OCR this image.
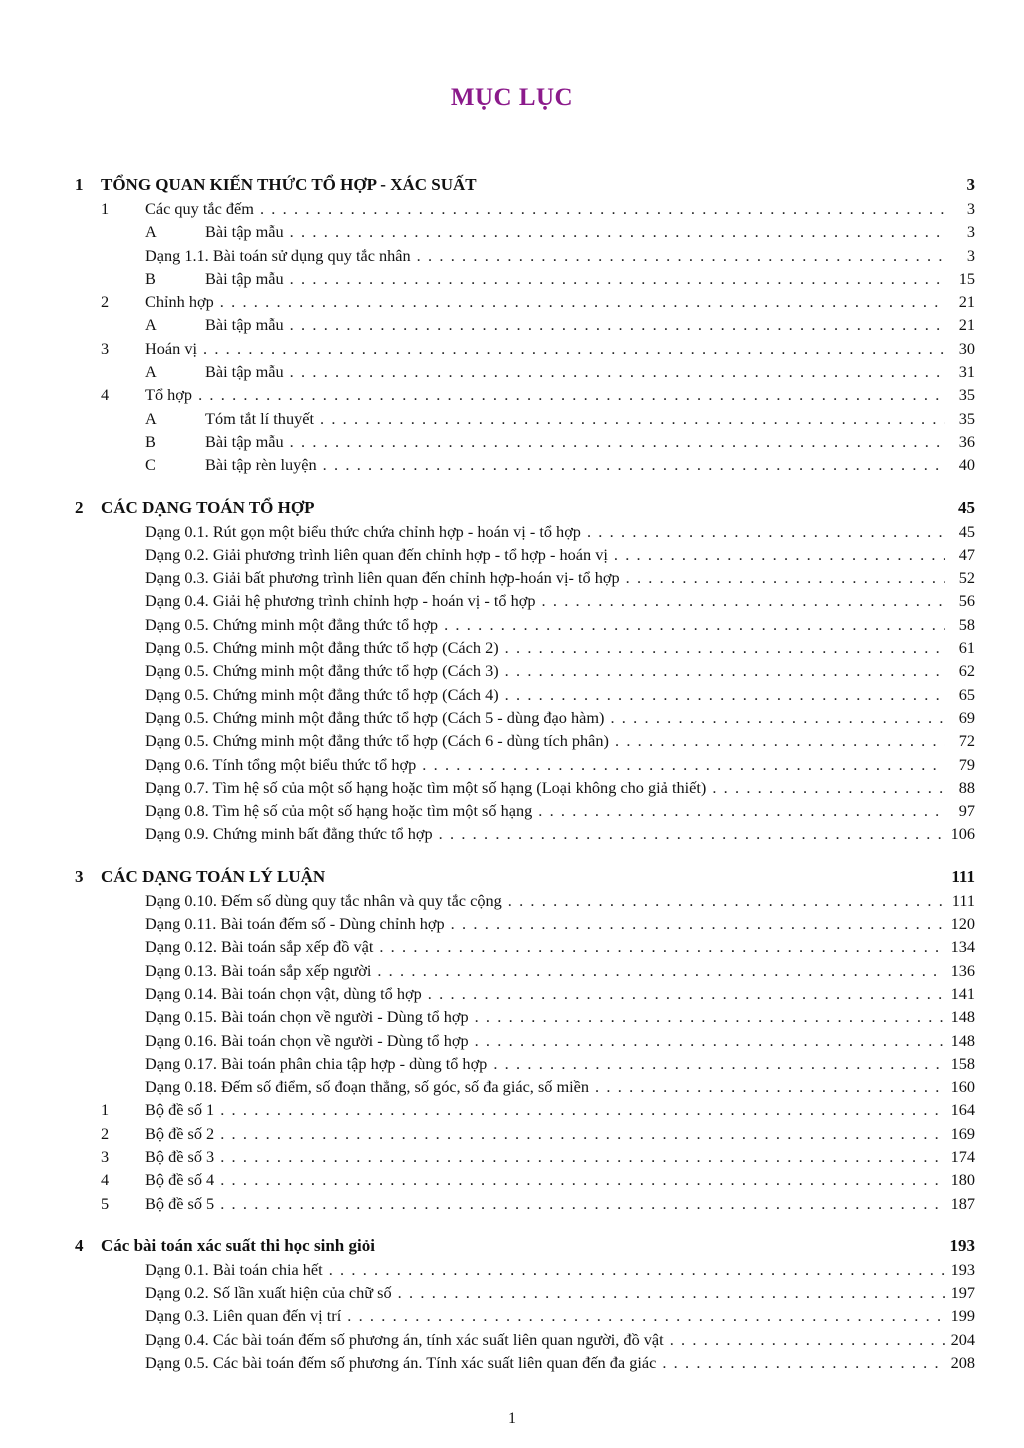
MỤC LỤC
1	TỔNG QUAN KIẾN THỨC TỔ HỢP - XÁC SUẤT	3
1	Các quy tắc đếm . . .	3
A	Bài tập mẫu . . .	3
Dạng 1.1. Bài toán sử dụng quy tắc nhân . . .	3
B	Bài tập mẫu . . .	15
2	Chỉnh hợp . . .	21
A	Bài tập mẫu . . .	21
3	Hoán vị . . .	30
A	Bài tập mẫu . . .	31
4	Tổ hợp . . .	35
A	Tóm tắt lí thuyết . . .	35
B	Bài tập mẫu . . .	36
C	Bài tập rèn luyện . . .	40
2	CÁC DẠNG TOÁN TỔ HỢP	45
Dạng 0.1. Rút gọn một biểu thức chứa chỉnh hợp - hoán vị - tổ hợp . . .	45
Dạng 0.2. Giải phương trình liên quan đến chỉnh hợp - tổ hợp - hoán vị . . .	47
Dạng 0.3. Giải bất phương trình liên quan đến chỉnh hợp-hoán vị- tổ hợp . . .	52
Dạng 0.4. Giải hệ phương trình chỉnh hợp - hoán vị - tổ hợp . . .	56
Dạng 0.5. Chứng minh một đẳng thức tổ hợp . . .	58
Dạng 0.5. Chứng minh một đẳng thức tổ hợp (Cách 2) . . .	61
Dạng 0.5. Chứng minh một đẳng thức tổ hợp (Cách 3) . . .	62
Dạng 0.5. Chứng minh một đẳng thức tổ hợp (Cách 4) . . .	65
Dạng 0.5. Chứng minh một đẳng thức tổ hợp (Cách 5 - dùng đạo hàm) . . .	69
Dạng 0.5. Chứng minh một đẳng thức tổ hợp (Cách 6 - dùng tích phân) . . .	72
Dạng 0.6. Tính tổng một biểu thức tổ hợp . . .	79
Dạng 0.7. Tìm hệ số của một số hạng hoặc tìm một số hạng (Loại không cho giả thiết) . . .	88
Dạng 0.8. Tìm hệ số của một số hạng hoặc tìm một số hạng . . .	97
Dạng 0.9. Chứng minh bất đẳng thức tổ hợp . . .	106
3	CÁC DẠNG TOÁN LÝ LUẬN	111
Dạng 0.10. Đếm số dùng quy tắc nhân và quy tắc cộng . . .	111
Dạng 0.11. Bài toán đếm số - Dùng chỉnh hợp . . .	120
Dạng 0.12. Bài toán sắp xếp đồ vật . . .	134
Dạng 0.13. Bài toán sắp xếp người . . .	136
Dạng 0.14. Bài toán chọn vật, dùng tổ hợp . . .	141
Dạng 0.15. Bài toán chọn về người - Dùng tổ hợp . . .	148
Dạng 0.16. Bài toán chọn về người - Dùng tổ hợp . . .	148
Dạng 0.17. Bài toán phân chia tập hợp - dùng tổ hợp . . .	158
Dạng 0.18. Đếm số điểm, số đoạn thẳng, số góc, số đa giác, số miền . . .	160
1	Bộ đề số 1 . . .	164
2	Bộ đề số 2 . . .	169
3	Bộ đề số 3 . . .	174
4	Bộ đề số 4 . . .	180
5	Bộ đề số 5 . . .	187
4	Các bài toán xác suất thi học sinh giỏi	193
Dạng 0.1. Bài toán chia hết . . .	193
Dạng 0.2. Số lần xuất hiện của chữ số . . .	197
Dạng 0.3. Liên quan đến vị trí . . .	199
Dạng 0.4. Các bài toán đếm số phương án, tính xác suất liên quan người, đồ vật . . .	204
Dạng 0.5. Các bài toán đếm số phương án. Tính xác suất liên quan đến đa giác . . .	208
1
